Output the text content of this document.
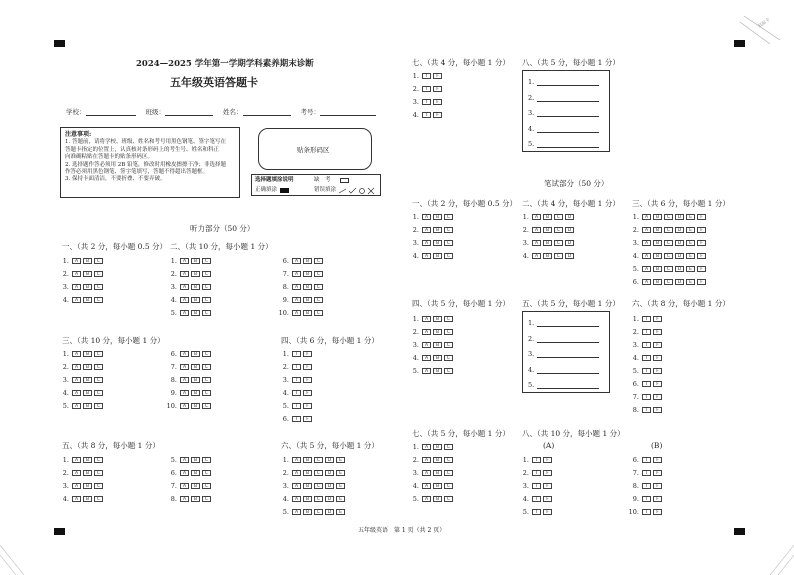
双面卡
2024—2025 学年第一学期学科素养期末诊断
五年级英语答题卡
学校：	班级：	姓名：	考号：

注意事项:

1. 答题前，请将学校、班级、姓名和考号用黑色钢笔、签字笔写在

答题卡指定的位置上，认真核对条形码上的考生号、姓名和科正

向准确粘贴在答题卡的贴条形码区。

2. 选择题作答必须用 2B 铅笔，修改时用橡皮擦擦干净；非选择题

作答必须用黑色钢笔、签字笔填写，答题不得超出答题框。

3. 保持卡面清洁，不要折叠、不要弄破。

贴条形码区
选择题填涂说明	缺　考
正确填涂	错误填涂
听力部分（50 分）
一、（共 2 分，每小题 0.5 分） 二、（共 10 分，每小题 1 分）
三、（共 10 分，每小题 1 分）	四、（共 6 分，每小题 1 分）
五、（共 8 分，每小题 1 分）	六、（共 5 分，每小题 1 分）
七、（共 4 分，每小题 1 分） 八、（共 5 分，每小题 1 分）
笔试部分（50 分）
一、（共 2 分，每小题 0.5 分） 二、（共 4 分，每小题 1 分） 三、（共 6 分，每小题 1 分）
四、（共 5 分，每小题 1 分） 五、（共 5 分，每小题 1 分） 六、（共 8 分，每小题 1 分）
七、（共 5 分，每小题 1 分） 八、（共 10 分，每小题 1 分）
(A)	(B)
1.	A	B	C
2.	A	B	C
3.	A	B	C
4.	A	B	C
1.	A	B	C
2.	A	B	C
3.	A	B	C
4.	A	B	C
5.	A	B	C
6.	A	B	C
7.	A	B	C
8.	A	B	C
9.	A	B	C
10.	A	B	C
1.	A	B	C
2.	A	B	C
3.	A	B	C
4.	A	B	C
5.	A	B	C
6.	A	B	C
7.	A	B	C
8.	A	B	C
9.	A	B	C
10.	A	B	C
1.	T	F
2.	T	F
3.	T	F
4.	T	F
5.	T	F
6.	T	F
1.	A	B	C
2.	A	B	C
3.	A	B	C
4.	A	B	C
5.	A	B	C
6.	A	B	C
7.	A	B	C
8.	A	B	C
1.	A	B	C	D	E
2.	A	B	C	D	E
3.	A	B	C	D	E
4.	A	B	C	D	E
5.	A	B	C	D	E
1.	T	F
2.	T	F
3.	T	F
4.	T	F
1.
2.
3.
4.
5.
1.	A	B	C
2.	A	B	C
3.	A	B	C
4.	A	B	C
1.	A	B	C	D
2.	A	B	C	D
3.	A	B	C	D
4.	A	B	C	D
1.	A	B	C	D	E	F
2.	A	B	C	D	E	F
3.	A	B	C	D	E	F
4.	A	B	C	D	E	F
5.	A	B	C	D	E	F
6.	A	B	C	D	E	F
1.	A	B	C
2.	A	B	C
3.	A	B	C
4.	A	B	C
5.	A	B	C
1.	T	F
2.	T	F
3.	T	F
4.	T	F
5.	T	F
6.	T	F
7.	T	F
8.	T	F
1.	A	B	C
2.	A	B	C
3.	A	B	C
4.	A	B	C
5.	A	B	C
1.	T	F
2.	T	F
3.	T	F
4.	T	F
5.	T	F
6.	T	F
7.	T	F
8.	T	F
9.	T	F
10.	T	F
1.
2.
3.
4.
5.
五年级英语　第 1 页（共 2 页）
